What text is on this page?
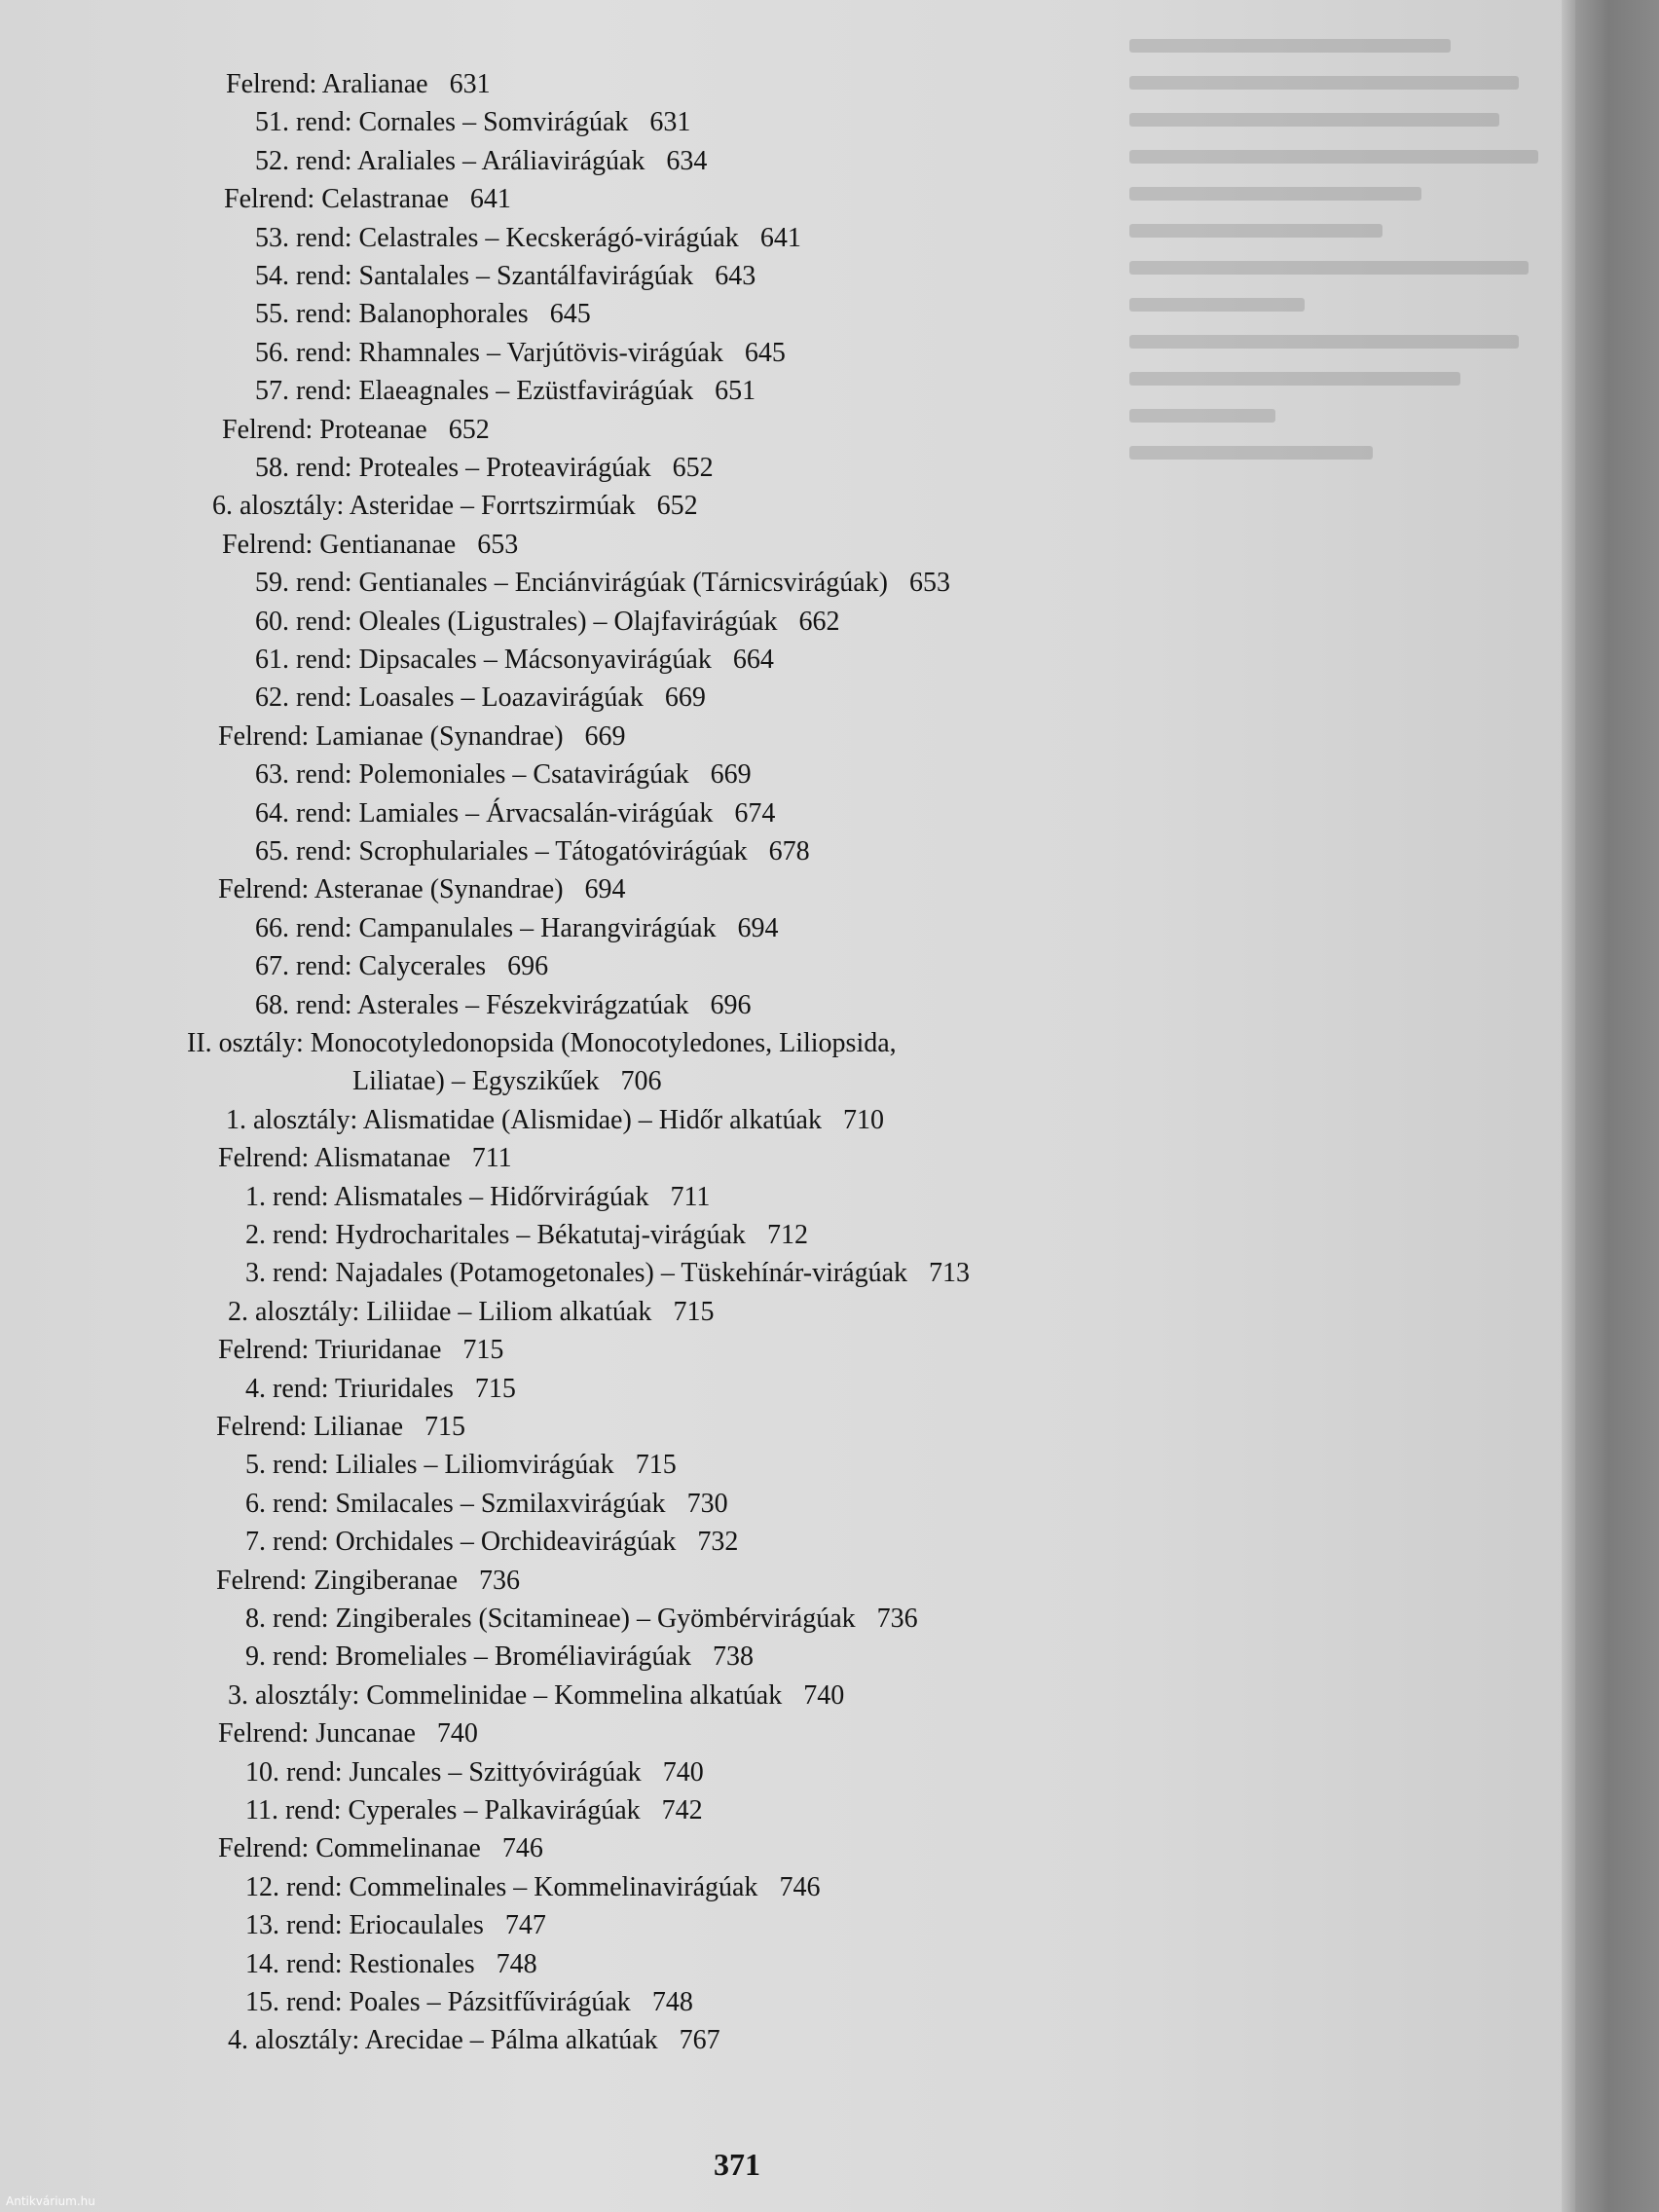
Felrend: Aralianae 631
51. rend: Cornales – Somvirágúak 631
52. rend: Araliales – Aráliavirágúak 634
Felrend: Celastranae 641
53. rend: Celastrales – Kecskerágó-virágúak 641
54. rend: Santalales – Szantálfavirágúak 643
55. rend: Balanophorales 645
56. rend: Rhamnales – Varjútövis-virágúak 645
57. rend: Elaeagnales – Ezüstfavirágúak 651
Felrend: Proteanae 652
58. rend: Proteales – Proteavirágúak 652
6. alosztály: Asteridae – Forrtszirmúak 652
Felrend: Gentiananae 653
59. rend: Gentianales – Enciánvirágúak (Tárnicsvirágúak) 653
60. rend: Oleales (Ligustrales) – Olajfavirágúak 662
61. rend: Dipsacales – Mácsonyavirágúak 664
62. rend: Loasales – Loazavirágúak 669
Felrend: Lamianae (Synandrae) 669
63. rend: Polemoniales – Csatavirágúak 669
64. rend: Lamiales – Árvacsalán-virágúak 674
65. rend: Scrophulariales – Tátogatóvirágúak 678
Felrend: Asteranae (Synandrae) 694
66. rend: Campanulales – Harangvirágúak 694
67. rend: Calycerales 696
68. rend: Asterales – Fészekvirágzatúak 696
II. osztály: Monocotyledonopsida (Monocotyledones, Liliopsida,
Liliatae) – Egyszikűek 706
1. alosztály: Alismatidae (Alismidae) – Hidőr alkatúak 710
Felrend: Alismatanae 711
1. rend: Alismatales – Hidőrvirágúak 711
2. rend: Hydrocharitales – Békatutaj-virágúak 712
3. rend: Najadales (Potamogetonales) – Tüskehínár-virágúak 713
2. alosztály: Liliidae – Liliom alkatúak 715
Felrend: Triuridanae 715
4. rend: Triuridales 715
Felrend: Lilianae 715
5. rend: Liliales – Liliomvirágúak 715
6. rend: Smilacales – Szmilaxvirágúak 730
7. rend: Orchidales – Orchideavirágúak 732
Felrend: Zingiberanae 736
8. rend: Zingiberales (Scitamineae) – Gyömbérvirágúak 736
9. rend: Bromeliales – Broméliavirágúak 738
3. alosztály: Commelinidae – Kommelina alkatúak 740
Felrend: Juncanae 740
10. rend: Juncales – Szittyóvirágúak 740
11. rend: Cyperales – Palkavirágúak 742
Felrend: Commelinanae 746
12. rend: Commelinales – Kommelinavirágúak 746
13. rend: Eriocaulales 747
14. rend: Restionales 748
15. rend: Poales – Pázsitfűvirágúak 748
4. alosztály: Arecidae – Pálma alkatúak 767
371
Antikvárium.hu
